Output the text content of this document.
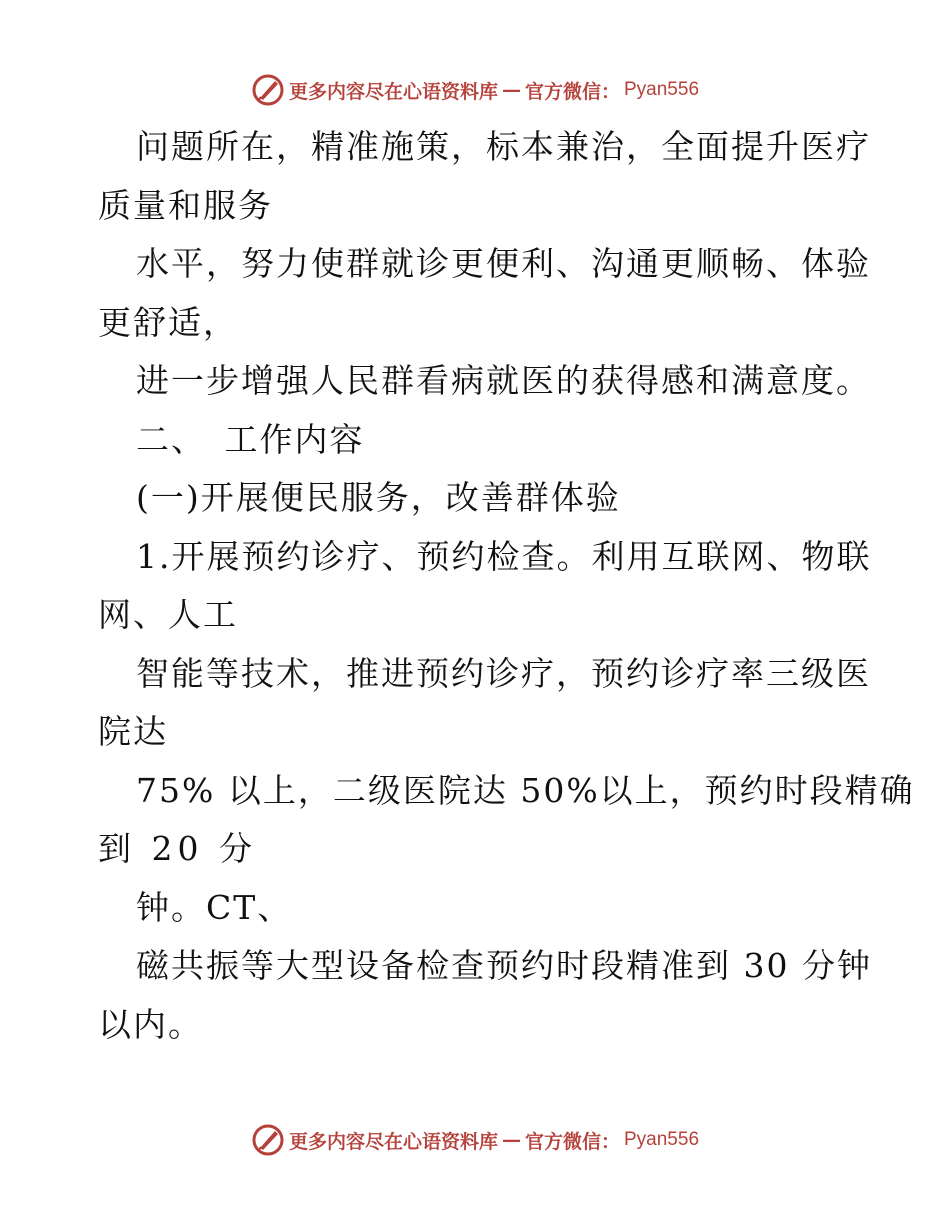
更多内容尽在心语资料库 — 官方微信： Pyan556
问题所在，精准施策，标本兼治，全面提升医疗
质量和服务
水平，努力使群就诊更便利、沟通更顺畅、体验
更舒适，
进一步增强人民群看病就医的获得感和满意度。
二、　工作内容
(一)开展便民服务，改善群体验
1.开展预约诊疗、预约检查。利用互联网、物联
网、人工
智能等技术，推进预约诊疗，预约诊疗率三级医
院达
75% 以上，二级医院达 50%以上，预约时段精确
到 20 分
钟。CT、
磁共振等大型设备检查预约时段精准到 30 分钟
以内。
更多内容尽在心语资料库 — 官方微信： Pyan556
